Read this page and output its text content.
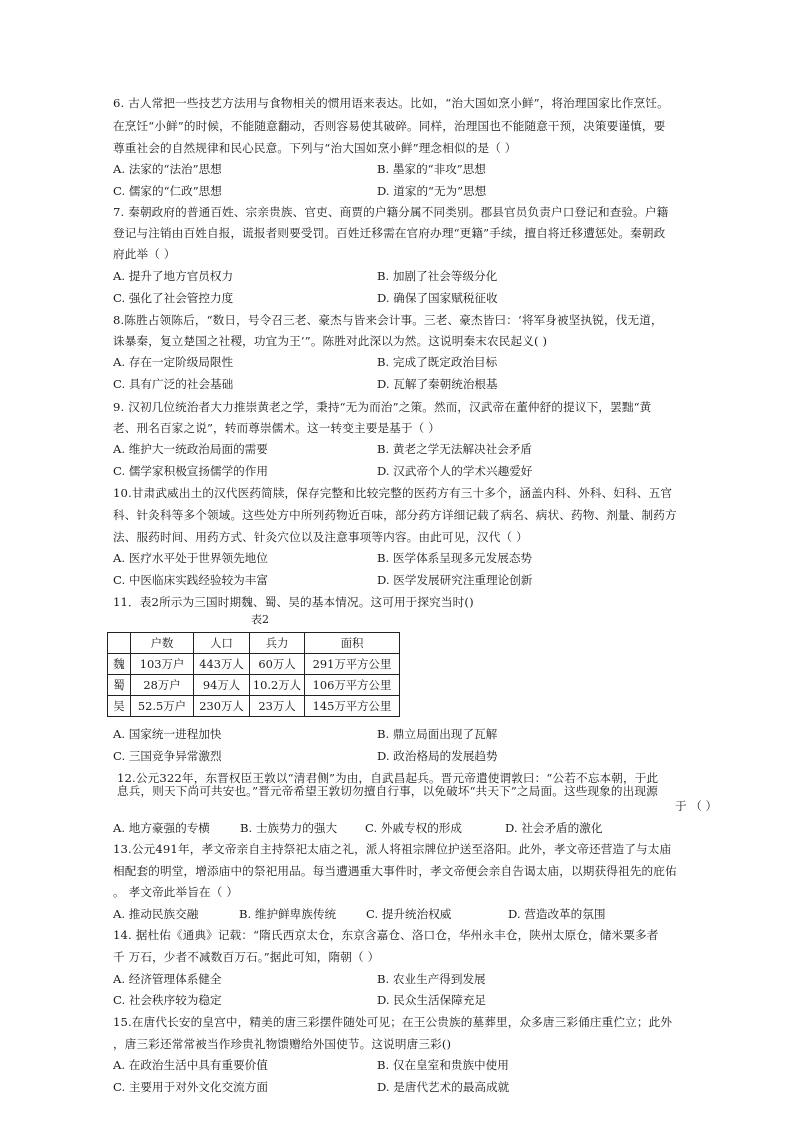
6. 古人常把一些技艺方法用与食物相关的惯用语来表达。比如，“治大国如烹小鲜”，将治理国家比作烹饪。
在烹饪“小鲜”的时候，不能随意翻动，否则容易使其破碎。同样，治理国也不能随意干预，决策要谨慎，要
尊重社会的自然规律和民心民意。下列与“治大国如烹小鲜”理念相似的是（ ）
A. 法家的“法治”思想	B. 墨家的“非攻”思想
C. 儒家的“仁政”思想	D. 道家的“无为”思想
7. 秦朝政府的普通百姓、宗亲贵族、官吏、商贾的户籍分属不同类别。郡县官员负责户口登记和查验。户籍
登记与注销由百姓自报，谎报者则要受罚。百姓迁移需在官府办理“更籍”手续，擅自将迁移遭惩处。秦朝政
府此举（ ）
A. 提升了地方官员权力	B. 加剧了社会等级分化
C. 强化了社会管控力度	D. 确保了国家赋税征收
8.陈胜占领陈后，“数日，号令召三老、豪杰与皆来会计事。三老、豪杰皆曰：‘将军身被坚执锐，伐无道，
诛暴秦，复立楚国之社稷，功宜为王’”。陈胜对此深以为然。这说明秦末农民起义( )
A. 存在一定阶级局限性	B. 完成了既定政治目标
C. 具有广泛的社会基础	D. 瓦解了秦朝统治根基
9. 汉初几位统治者大力推崇黄老之学，秉持“无为而治”之策。然而，汉武帝在董仲舒的提议下，罢黜“黄
老、刑名百家之说”，转而尊崇儒术。这一转变主要是基于（ ）
A. 维护大一统政治局面的需要	B. 黄老之学无法解决社会矛盾
C. 儒学家积极宣扬儒学的作用	D. 汉武帝个人的学术兴趣爱好
10.甘肃武威出土的汉代医药简牍，保存完整和比较完整的医药方有三十多个，涵盖内科、外科、妇科、五官
科、针灸科等多个领域。这些处方中所列药物近百味，部分药方详细记载了病名、病状、药物、剂量、制药方
法、服药时间、用药方式、针灸穴位以及注意事项等内容。由此可见，汉代（ ）
A. 医疗水平处于世界领先地位	B. 医学体系呈现多元发展态势
C. 中医临床实践经验较为丰富	D. 医学发展研究注重理论创新
11．表2所示为三国时期魏、蜀、吴的基本情况。这可用于探究当时()
表2
	户数	人口	兵力	面积
魏	103万户	443万人	60万人	291万平方公里
蜀	28万户	94万人	10.2万人	106万平方公里
吴	52.5万户	230万人	23万人	145万平方公里
A. 国家统一进程加快	B. 鼎立局面出现了瓦解
C. 三国竞争异常激烈	D. 政治格局的发展趋势
12.公元322年，东晋权臣王敦以“清君侧”为由，自武昌起兵。晋元帝遣使谓敦曰：“公若不忘本朝，于此
息兵，则天下尚可共安也。”晋元帝希望王敦切勿擅自行事，以免破坏“共天下”之局面。这些现象的出现源
于 （ ）
A. 地方豪强的专横	B. 士族势力的强大 C. 外戚专权的形成	D. 社会矛盾的激化
13.公元491年，孝文帝亲自主持祭祀太庙之礼，派人将祖宗牌位护送至洛阳。此外，孝文帝还营造了与太庙
相配套的明堂，增添庙中的祭祀用品。每当遭遇重大事件时，孝文帝便会亲自告谒太庙，以期获得祖先的庇佑
。 孝文帝此举旨在（ ）
A. 推动民族交融	B. 维护鲜卑族传统	C. 提升统治权威	D. 营造改革的氛围
14. 据杜佑《通典》记载：“隋氏西京太仓，东京含嘉仓、洛口仓，华州永丰仓，陕州太原仓，储米粟多者
千 万石，少者不减数百万石。”据此可知，隋朝（ ）
A. 经济管理体系健全	B. 农业生产得到发展
C. 社会秩序较为稳定	D. 民众生活保障充足
15.在唐代长安的皇宫中，精美的唐三彩摆件随处可见；在王公贵族的墓葬里，众多唐三彩俑庄重伫立；此外
，唐三彩还常常被当作珍贵礼物馈赠给外国使节。这说明唐三彩()
A. 在政治生活中具有重要价值	B. 仅在皇室和贵族中使用
C. 主要用于对外文化交流方面	D. 是唐代艺术的最高成就
